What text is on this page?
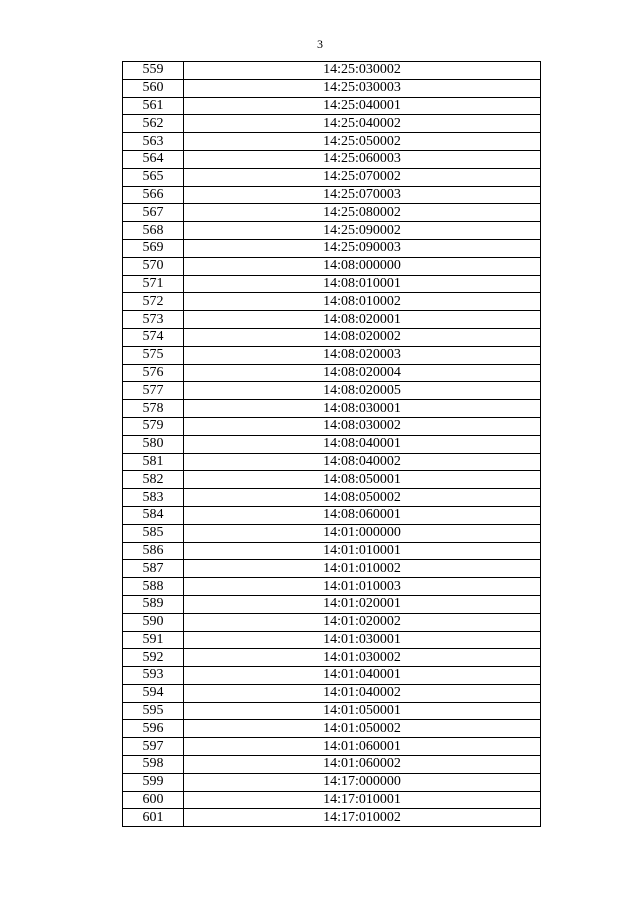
3
559	14:25:030002
560	14:25:030003
561	14:25:040001
562	14:25:040002
563	14:25:050002
564	14:25:060003
565	14:25:070002
566	14:25:070003
567	14:25:080002
568	14:25:090002
569	14:25:090003
570	14:08:000000
571	14:08:010001
572	14:08:010002
573	14:08:020001
574	14:08:020002
575	14:08:020003
576	14:08:020004
577	14:08:020005
578	14:08:030001
579	14:08:030002
580	14:08:040001
581	14:08:040002
582	14:08:050001
583	14:08:050002
584	14:08:060001
585	14:01:000000
586	14:01:010001
587	14:01:010002
588	14:01:010003
589	14:01:020001
590	14:01:020002
591	14:01:030001
592	14:01:030002
593	14:01:040001
594	14:01:040002
595	14:01:050001
596	14:01:050002
597	14:01:060001
598	14:01:060002
599	14:17:000000
600	14:17:010001
601	14:17:010002
